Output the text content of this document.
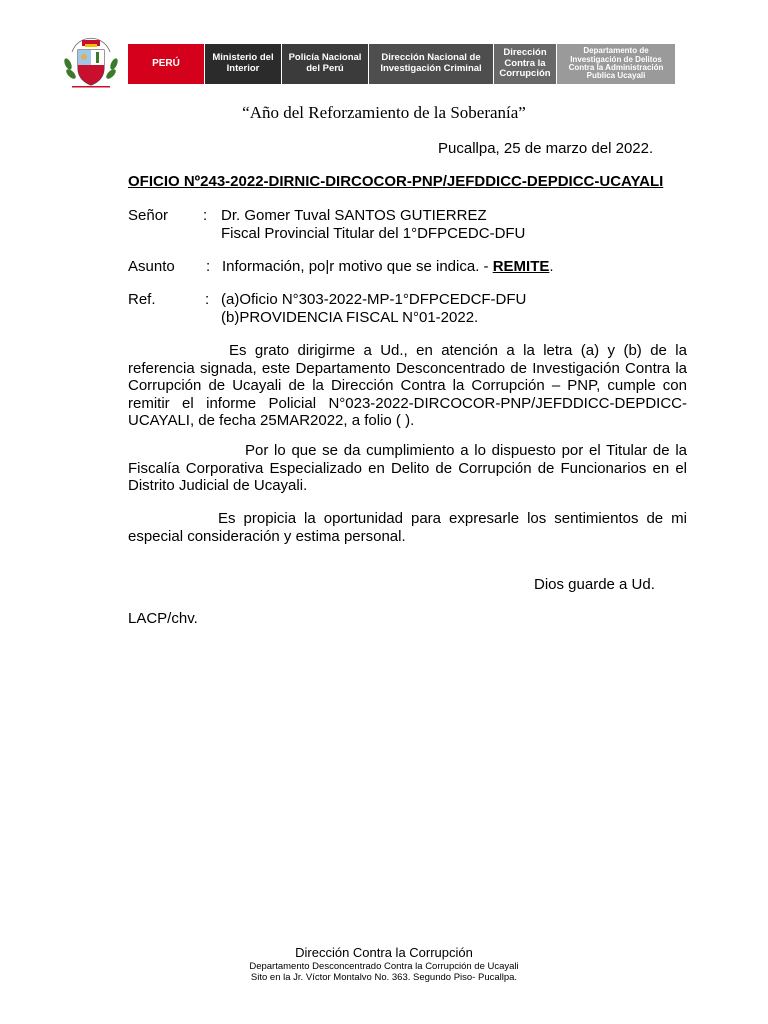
PERÚ
Ministerio del Interior
Policía Nacional del Perú
Dirección Nacional de Investigación Criminal
Dirección Contra la Corrupción
Departamento de Investigación de Delitos Contra la Administración Publica Ucayali
“Año del Reforzamiento de la Soberanía”
Pucallpa, 25 de marzo del 2022.
OFICIO Nº243-2022-DIRNIC-DIRCOCOR-PNP/JEFDDICC-DEPDICC-UCAYALI
Señor : Dr. Gomer Tuval SANTOS GUTIERREZ
Fiscal Provincial Titular del 1°DFPCEDC-DFU
Asunto : Información, po|r motivo que se indica. - REMITE.
Ref.	: (a)Oficio N°303-2022-MP-1°DFPCEDCF-DFU
(b)PROVIDENCIA FISCAL N°01-2022.
Es grato dirigirme a Ud., en atención a la letra (a) y (b) de la referencia signada, este Departamento Desconcentrado de Investigación Contra la Corrupción de Ucayali de la Dirección Contra la Corrupción – PNP, cumple con remitir el informe Policial N°023-2022-DIRCOCOR-PNP/JEFDDICC-DEPDICC-UCAYALI, de fecha 25MAR2022, a folio ( ).
Por lo que se da cumplimiento a lo dispuesto por el Titular de la Fiscalía Corporativa Especializado en Delito de Corrupción de Funcionarios en el Distrito Judicial de Ucayali.
Es propicia la oportunidad para expresarle los sentimientos de mi especial consideración y estima personal.
Dios guarde a Ud.
LACP/chv.
Dirección Contra la Corrupción
Departamento Desconcentrado Contra la Corrupción de Ucayali
Sito en la Jr. Víctor Montalvo No. 363. Segundo Piso- Pucallpa.
